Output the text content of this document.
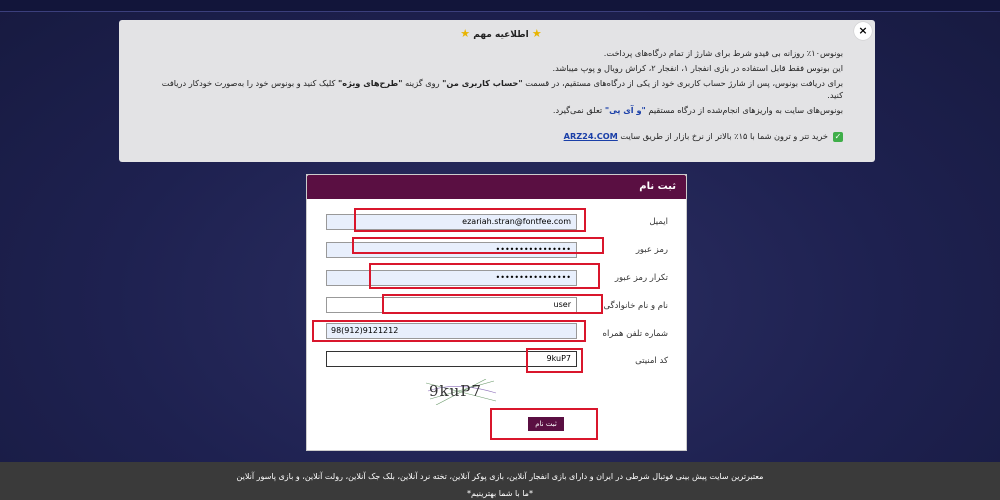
★ اطلاعیه مهم ★

بونوس۱۰٪ روزانه بی قیدو شرط برای شارژ از تمام درگاه‌های پرداخت.

این بونوس فقط قابل استفاده در بازی انفجار ۱، انفجار ۲، کراش رویال و پوپ میباشد.

برای دریافت بونوس، پس از شارژ حساب کاربری خود از یکی از درگاه‌های مستقیم، در قسمت "حساب کاربری من" روی گزینه "طرح‌های ویژه" کلیک کنید و بونوس خود را به‌صورت خودکار دریافت کنید.

بونوس‌های سایت به واریزهای انجام‌شده از درگاه مستقیم "و آی پی" تعلق نمی‌گیرد.

✓خرید تتر و ترون شما با ۱۵٪ بالاتر از نرخ بازار از طریق سایت ARZ24.COM

×
ثبت نام
ایمیل
ezariah.stran@fontfee.com
رمز عبور
••••••••••••••••
تکرار رمز عبور
••••••••••••••••
نام و نام خانوادگی
user
شماره تلفن همراه
98(912)9121212
کد امنیتی
9kuP7
9kuP7
ثبت نام
معتبرترین سایت پیش بینی فوتبال شرطی در ایران و دارای بازی انفجار آنلاین، بازی پوکر آنلاین، تخته نرد آنلاین، بلک جک آنلاین، رولت آنلاین، و بازی پاسور آنلاین
*ما با شما بهترینیم*
